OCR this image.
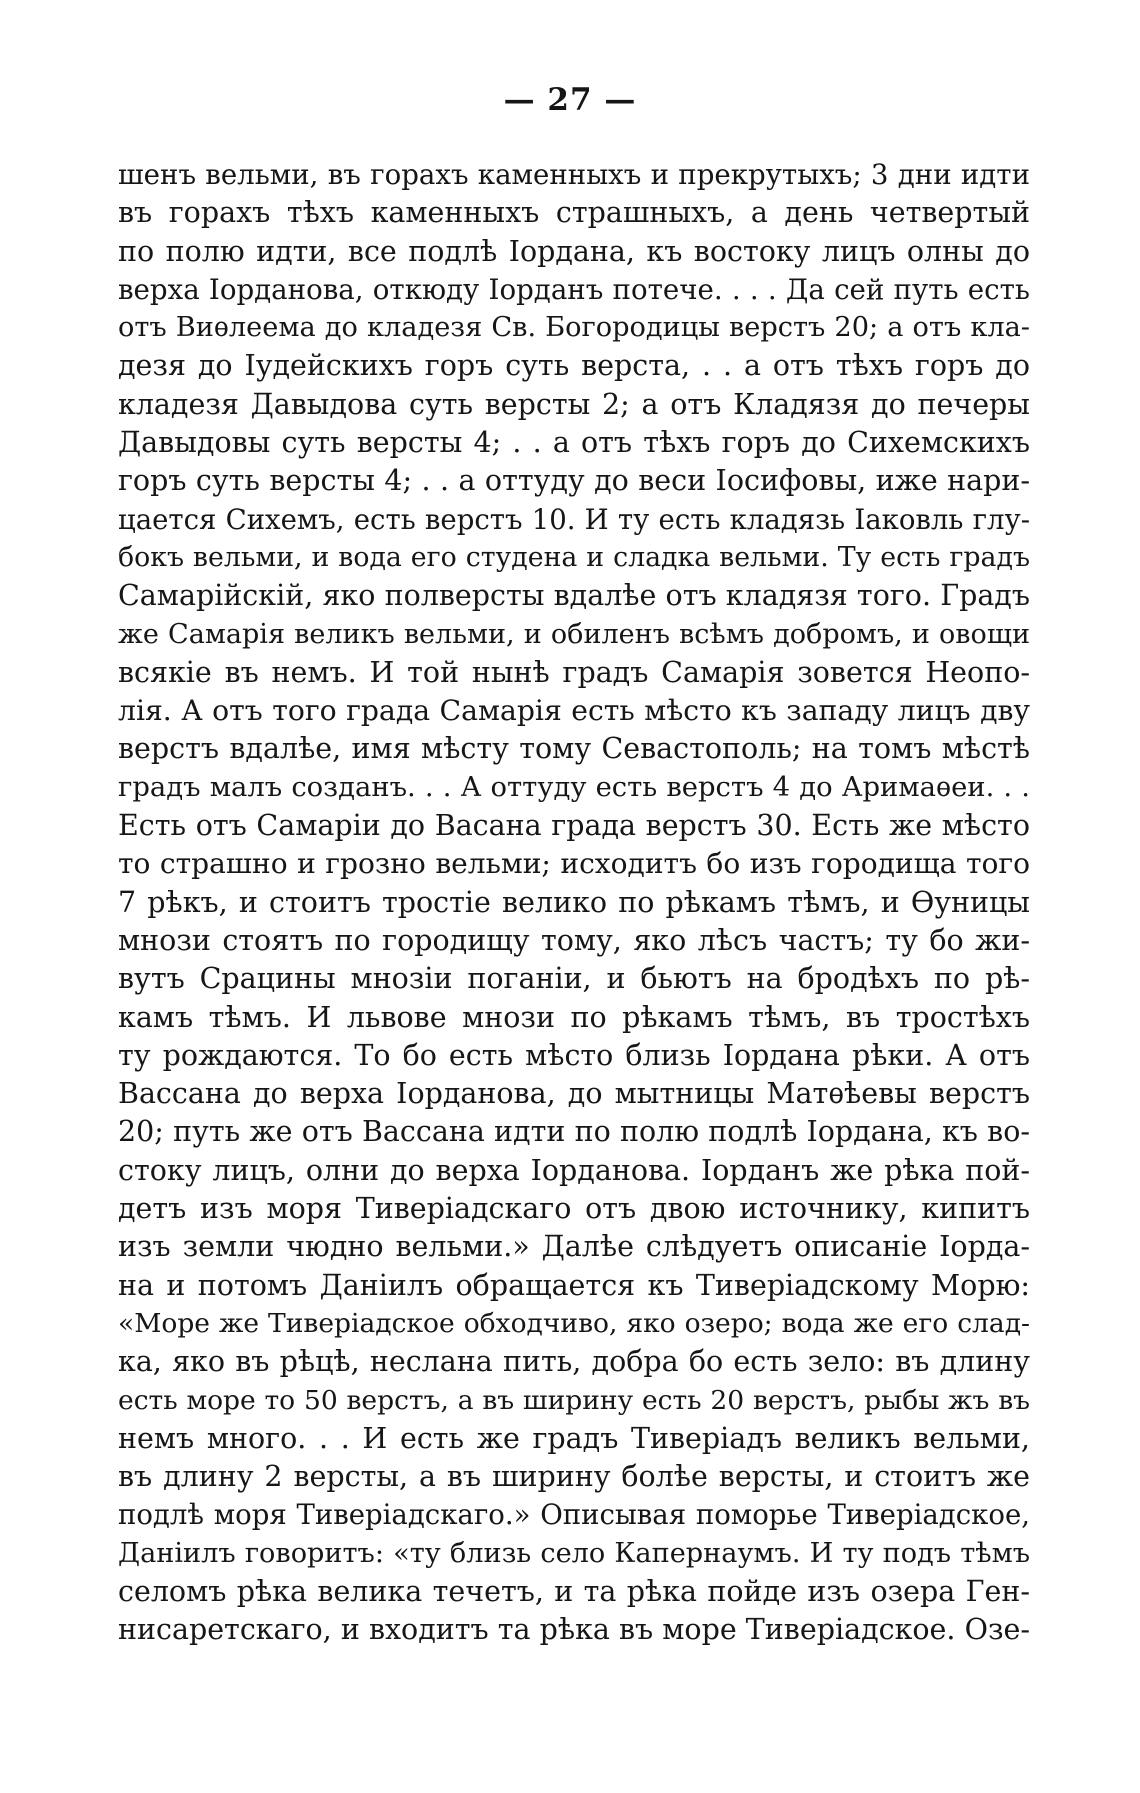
— 27 —
шенъ вельми, въ горахъ каменныхъ и прекрутыхъ; 3 дни идти
въ горахъ тѣхъ каменныхъ страшныхъ, а день четвертый
по полю идти, все подлѣ Іордана, къ востоку лицъ олны до
верха Іорданова, откюду Іорданъ потече. . . . Да сей путь есть
отъ Виѳлеема до кладезя Св. Богородицы верстъ 20; а отъ кла-
дезя до Іудейскихъ горъ суть верста, . . а отъ тѣхъ горъ до
кладезя Давыдова суть версты 2; а отъ Кладязя до печеры
Давыдовы суть версты 4; . . а отъ тѣхъ горъ до Сихемскихъ
горъ суть версты 4; . . а оттуду до веси Іосифовы, иже нари-
цается Сихемъ, есть верстъ 10. И ту есть кладязь Іаковль глу-
бокъ вельми, и вода его студена и сладка вельми. Ту есть градъ
Самарійскій, яко полверсты вдалѣе отъ кладязя того. Градъ
же Самарія великъ вельми, и обиленъ всѣмъ добромъ, и овощи
всякіе въ немъ. И той нынѣ градъ Самарія зовется Неопо-
лія. А отъ того града Самарія есть мѣсто къ западу лицъ дву
верстъ вдалѣе, имя мѣсту тому Севастополь; на томъ мѣстѣ
градъ малъ созданъ. . . А оттуду есть верстъ 4 до Аримаѳеи. . .
Есть отъ Самаріи до Васана града верстъ 30. Есть же мѣсто
то страшно и грозно вельми; исходитъ бо изъ городища того
7 рѣкъ, и стоитъ тростіе велико по рѣкамъ тѣмъ, и Ѳуницы
мнози стоятъ по городищу тому, яко лѣсъ частъ; ту бо жи-
вутъ Срацины мнозіи поганіи, и бьютъ на бродѣхъ по рѣ-
камъ тѣмъ. И львове мнози по рѣкамъ тѣмъ, въ тростѣхъ
ту рождаются. То бо есть мѣсто близь Іордана рѣки. А отъ
Вассана до верха Іорданова, до мытницы Матѳѣевы верстъ
20; путь же отъ Вассана идти по полю подлѣ Іордана, къ во-
стоку лицъ, олни до верха Іорданова. Іорданъ же рѣка пой-
детъ изъ моря Тиверіадскаго отъ двою источнику, кипитъ
изъ земли чюдно вельми.» Далѣе слѣдуетъ описаніе Іорда-
на и потомъ Даніилъ обращается къ Тиверіадскому Морю:
«Море же Тиверіадское обходчиво, яко озеро; вода же его слад-
ка, яко въ рѣцѣ, неслана пить, добра бо есть зело: въ длину
есть море то 50 верстъ, а въ ширину есть 20 верстъ, рыбы жъ въ
немъ много. . . И есть же градъ Тиверіадъ великъ вельми,
въ длину 2 версты, а въ ширину болѣе версты, и стоитъ же
подлѣ моря Тиверіадскаго.» Описывая поморье Тиверіадское,
Даніилъ говоритъ: «ту близь село Капернаумъ. И ту подъ тѣмъ
селомъ рѣка велика течетъ, и та рѣка пойде изъ озера Ген-
нисаретскаго, и входитъ та рѣка въ море Тиверіадское. Озе-
